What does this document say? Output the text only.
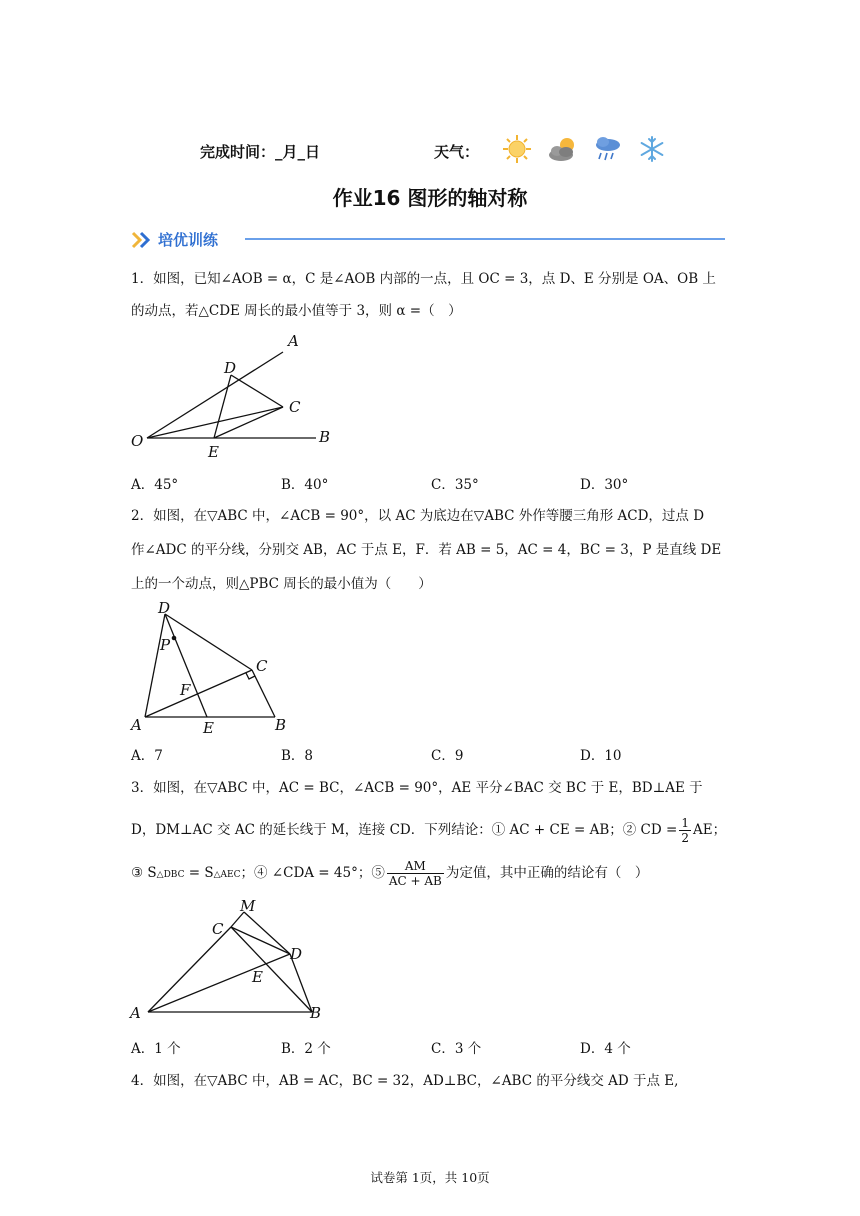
完成时间：_月_日	天气：
作业16 图形的轴对称
培优训练
1．如图，已知∠AOB = α，C 是∠AOB 内部的一点，且 OC = 3，点 D、E 分别是 OA、OB 上
的动点，若△CDE 周长的最小值等于 3，则 α =（　）
A
D
C
O
E
B
A．45°	B．40°	C．35°	D．30°
2．如图，在▽ABC 中，∠ACB = 90°，以 AC 为底边在▽ABC 外作等腰三角形 ACD，过点 D
作∠ADC 的平分线，分别交 AB，AC 于点 E，F．若 AB = 5，AC = 4，BC = 3，P 是直线 DE
上的一个动点，则△PBC 周长的最小值为（　　）
D
P
C
F
A	E	B
A．7	B．8	C．9	D．10
3．如图，在▽ABC 中，AC = BC，∠ACB = 90°，AE 平分∠BAC 交 BC 于 E，BD⊥AE 于
D，DM⊥AC 交 AC 的延长线于 M，连接 CD．下列结论：① AC + CE = AB；② CD = $\frac{1}{2}$ AE；
③ S△DBC = S△AEC；④ ∠CDA = 45°；⑤ $\frac{AM}{AC + AB}$ 为定值，其中正确的结论有（　）
M
C
D
E
A	B
A．1 个	B．2 个	C．3 个	D．4 个
4．如图，在▽ABC 中，AB = AC，BC = 32，AD⊥BC，∠ABC 的平分线交 AD 于点 E,
试卷第 1页，共 10页
